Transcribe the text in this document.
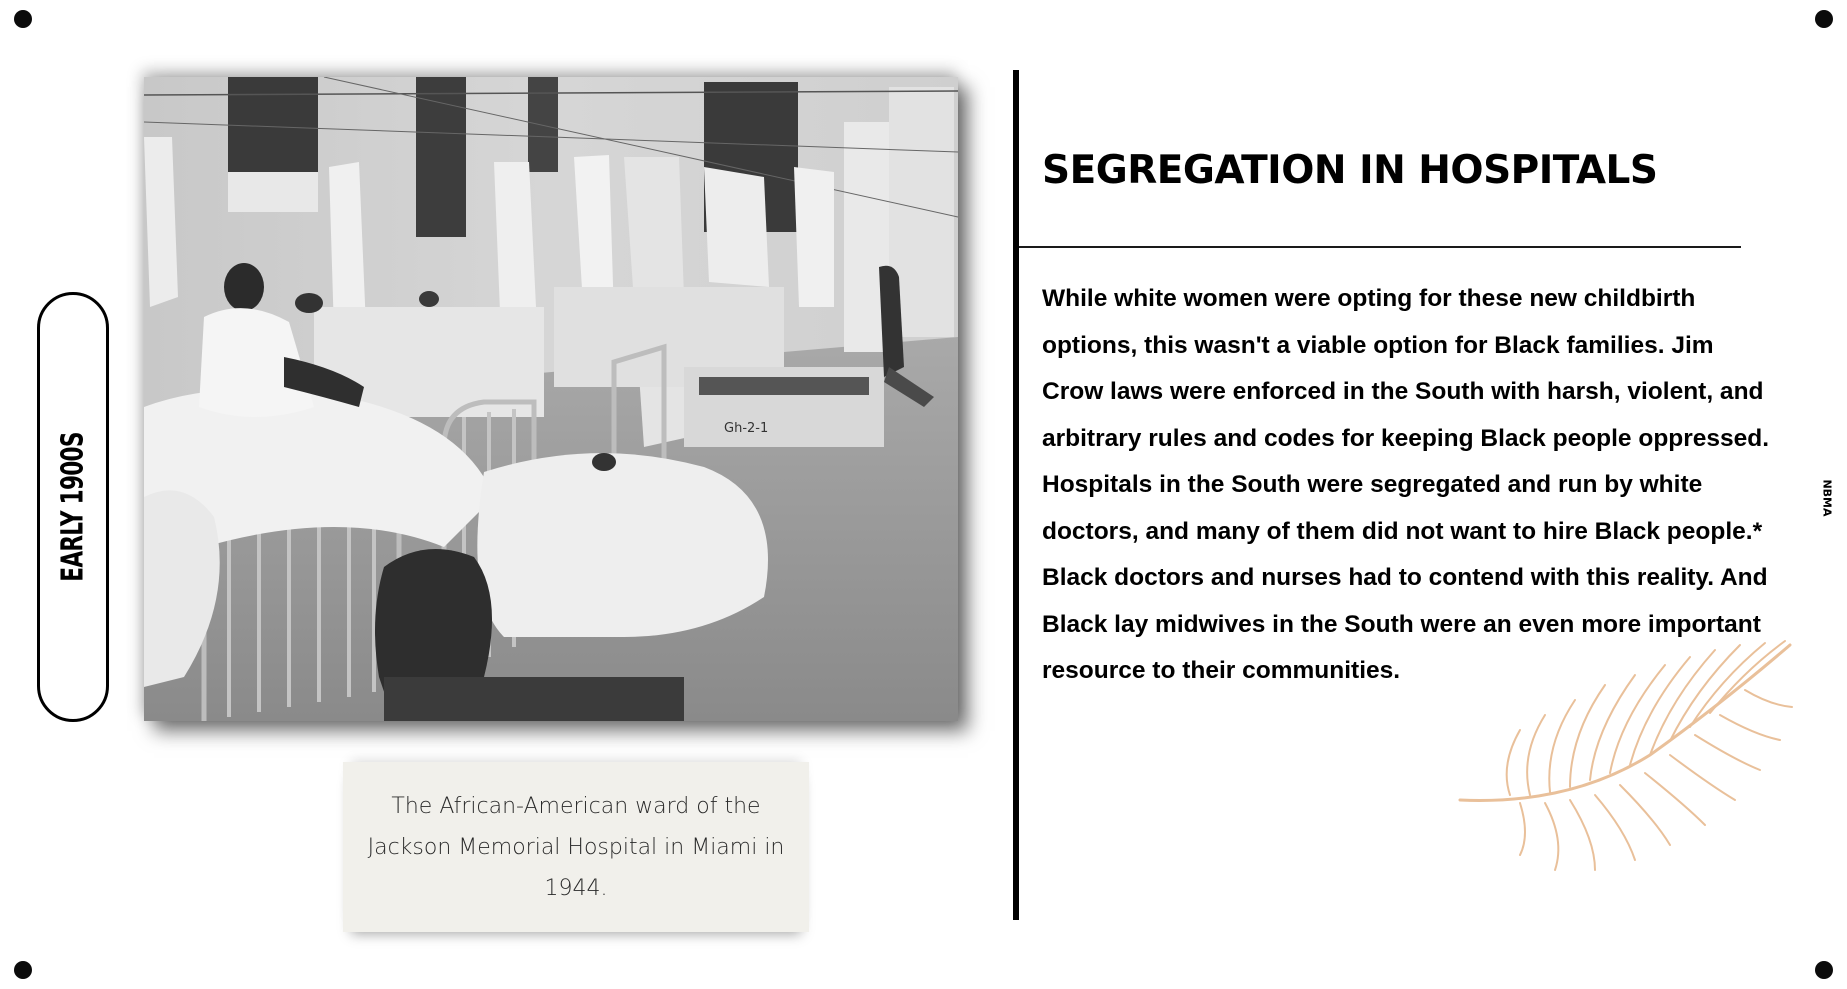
EARLY 1900S
Gh-2-1
The African-American ward of the Jackson Memorial Hospital in Miami in 1944.
SEGREGATION IN HOSPITALS

While white women were opting for these new childbirth options, this wasn't a viable option for Black families. Jim Crow laws were enforced in the South with harsh, violent, and arbitrary rules and codes for keeping Black people oppressed. Hospitals in the South were segregated and run by white doctors, and many of them did not want to hire Black people.* Black doctors and nurses had to contend with this reality. And Black lay midwives in the South were an even more important resource to their communities.

NBMA
